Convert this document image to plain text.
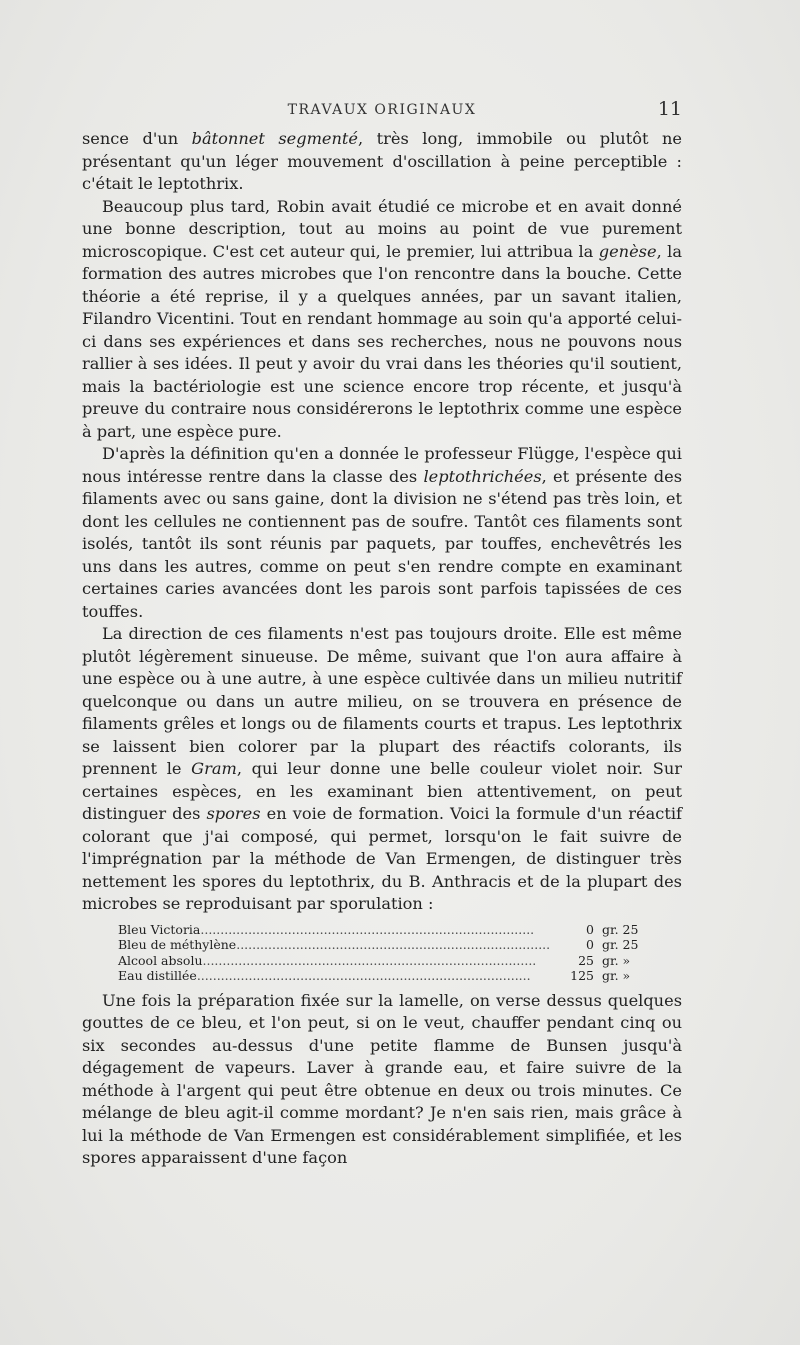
TRAVAUX ORIGINAUX	11

sence d'un bâtonnet segmenté, très long, immobile ou plutôt ne présentant qu'un léger mouvement d'oscillation à peine perceptible : c'était le leptothrix.

Beaucoup plus tard, Robin avait étudié ce microbe et en avait donné une bonne description, tout au moins au point de vue purement microscopique. C'est cet auteur qui, le premier, lui attribua la genèse, la formation des autres microbes que l'on rencontre dans la bouche. Cette théorie a été reprise, il y a quelques années, par un savant italien, Filandro Vicentini. Tout en rendant hommage au soin qu'a apporté celui-ci dans ses expériences et dans ses recherches, nous ne pouvons nous rallier à ses idées. Il peut y avoir du vrai dans les théories qu'il soutient, mais la bactériologie est une science encore trop récente, et jusqu'à preuve du contraire nous considérerons le leptothrix comme une espèce à part, une espèce pure.

D'après la définition qu'en a donnée le professeur Flügge, l'espèce qui nous intéresse rentre dans la classe des leptothrichées, et présente des filaments avec ou sans gaine, dont la division ne s'étend pas très loin, et dont les cellules ne contiennent pas de soufre. Tantôt ces filaments sont isolés, tantôt ils sont réunis par paquets, par touffes, enchevêtrés les uns dans les autres, comme on peut s'en rendre compte en examinant certaines caries avancées dont les parois sont parfois tapissées de ces touffes.

La direction de ces filaments n'est pas toujours droite. Elle est même plutôt légèrement sinueuse. De même, suivant que l'on aura affaire à une espèce ou à une autre, à une espèce cultivée dans un milieu nutritif quelconque ou dans un autre milieu, on se trouvera en présence de filaments grêles et longs ou de filaments courts et trapus. Les leptothrix se laissent bien colorer par la plupart des réactifs colorants, ils prennent le Gram, qui leur donne une belle couleur violet noir. Sur certaines espèces, en les examinant bien attentivement, on peut distinguer des spores en voie de formation. Voici la formule d'un réactif colorant que j'ai composé, qui permet, lorsqu'on le fait suivre de l'imprégnation par la méthode de Van Ermengen, de distinguer très nettement les spores du leptothrix, du B. Anthracis et de la plupart des microbes se reproduisant par sporulation :

Bleu Victoria .....	0 gr. 25
Bleu de méthylène .....	0 gr. 25
Alcool absolu .....	25 gr. »
Eau distillée .....	125 gr. »

Une fois la préparation fixée sur la lamelle, on verse dessus quelques gouttes de ce bleu, et l'on peut, si on le veut, chauffer pendant cinq ou six secondes au-dessus d'une petite flamme de Bunsen jusqu'à dégagement de vapeurs. Laver à grande eau, et faire suivre de la méthode à l'argent qui peut être obtenue en deux ou trois minutes. Ce mélange de bleu agit-il comme mordant? Je n'en sais rien, mais grâce à lui la méthode de Van Ermengen est considérablement simplifiée, et les spores apparaissent d'une façon
